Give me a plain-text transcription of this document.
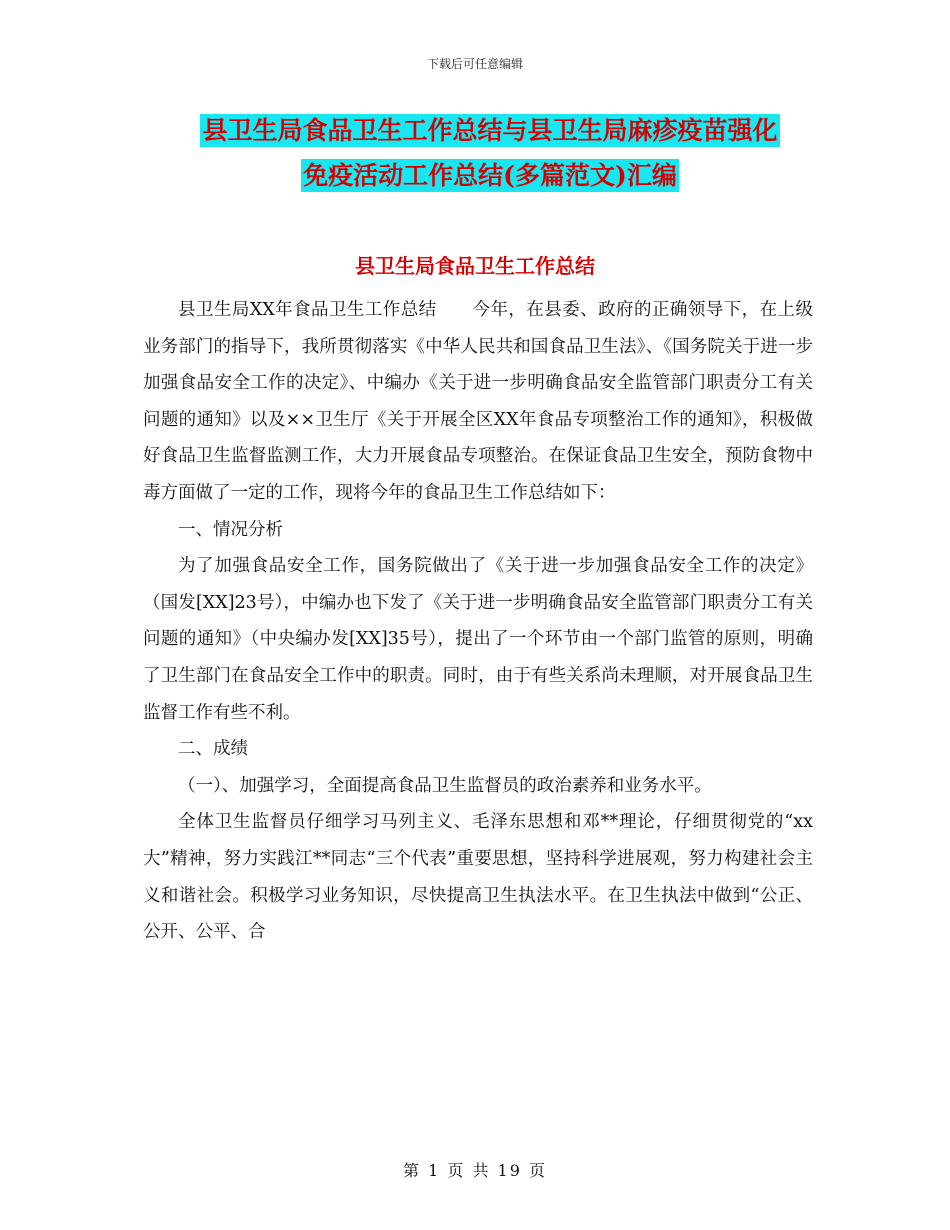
下载后可任意编辑
县卫生局食品卫生工作总结与县卫生局麻疹疫苗强化
免疫活动工作总结(多篇范文)汇编
县卫生局食品卫生工作总结

县卫生局XX年食品卫生工作总结　　今年，在县委、政府的正确领导下，在上级业务部门的指导下，我所贯彻落实《中华人民共和国食品卫生法》、《国务院关于进一步加强食品安全工作的决定》、中编办《关于进一步明确食品安全监管部门职责分工有关问题的通知》以及××卫生厅《关于开展全区XX年食品专项整治工作的通知》，积极做好食品卫生监督监测工作，大力开展食品专项整治。在保证食品卫生安全，预防食物中毒方面做了一定的工作，现将今年的食品卫生工作总结如下：

一、情况分析

为了加强食品安全工作，国务院做出了《关于进一步加强食品安全工作的决定》（国发[XX]23号），中编办也下发了《关于进一步明确食品安全监管部门职责分工有关问题的通知》（中央编办发[XX]35号），提出了一个环节由一个部门监管的原则，明确了卫生部门在食品安全工作中的职责。同时，由于有些关系尚未理顺，对开展食品卫生监督工作有些不利。

二、成绩

（一）、加强学习，全面提高食品卫生监督员的政治素养和业务水平。

全体卫生监督员仔细学习马列主义、毛泽东思想和邓**理论，仔细贯彻党的“xx大”精神，努力实践江**同志“三个代表”重要思想，坚持科学进展观，努力构建社会主义和谐社会。积极学习业务知识，尽快提高卫生执法水平。在卫生执法中做到“公正、公开、公平、合

第 1 页 共 19 页
